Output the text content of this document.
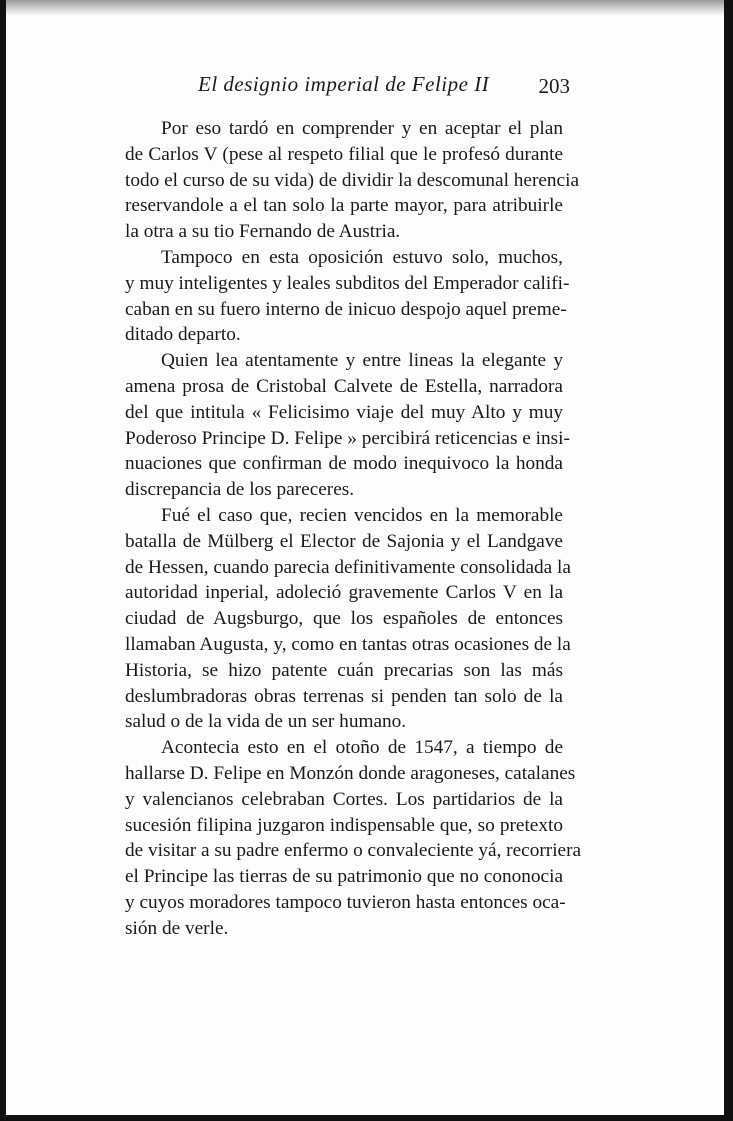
El designio imperial de Felipe II 203
Por eso tardó en comprender y en aceptar el plan
de Carlos V (pese al respeto filial que le profesó durante
todo el curso de su vida) de dividir la descomunal herencia
reservandole a el tan solo la parte mayor, para atribuirle
la otra a su tio Fernando de Austria.
Tampoco en esta oposición estuvo solo, muchos,
y muy inteligentes y leales subditos del Emperador califi-
caban en su fuero interno de inicuo despojo aquel preme-
ditado departo.
Quien lea atentamente y entre lineas la elegante y
amena prosa de Cristobal Calvete de Estella, narradora
del que intitula « Felicisimo viaje del muy Alto y muy
Poderoso Principe D. Felipe » percibirá reticencias e insi-
nuaciones que confirman de modo inequivoco la honda
discrepancia de los pareceres.
Fué el caso que, recien vencidos en la memorable
batalla de Mülberg el Elector de Sajonia y el Landgave
de Hessen, cuando parecia definitivamente consolidada la
autoridad inperial, adoleció gravemente Carlos V en la
ciudad de Augsburgo, que los españoles de entonces
llamaban Augusta, y, como en tantas otras ocasiones de la
Historia, se hizo patente cuán precarias son las más
deslumbradoras obras terrenas si penden tan solo de la
salud o de la vida de un ser humano.
Acontecia esto en el otoño de 1547, a tiempo de
hallarse D. Felipe en Monzón donde aragoneses, catalanes
y valencianos celebraban Cortes. Los partidarios de la
sucesión filipina juzgaron indispensable que, so pretexto
de visitar a su padre enfermo o convaleciente yá, recorriera
el Principe las tierras de su patrimonio que no cononocia
y cuyos moradores tampoco tuvieron hasta entonces oca-
sión de verle.
